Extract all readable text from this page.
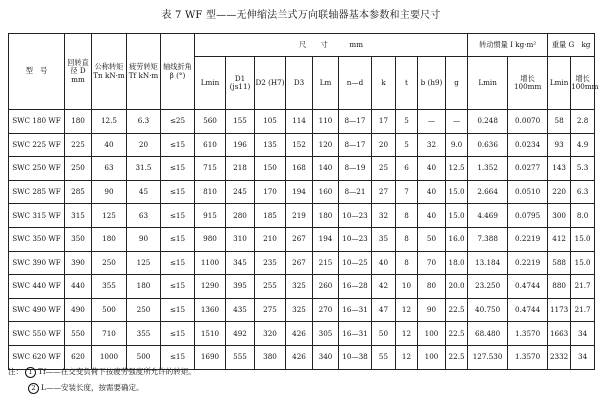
表 7 WF 型——无伸缩法兰式万向联轴器基本参数和主要尺寸
型　号	回转直径 D mm	公称转矩 Tn kN·m	疲劳转矩 Tf kN·m	轴线折角 β (°)	尺　　寸　　　mm										转动惯量 I kg·m²		重量 G　kg	
					Lmin	D1 (js11)	D2 (H7)	D3	Lm	n—d	k	t	b (h9)	g	Lmin	增长 100mm	Lmin	增长 100mm
SWC 180 WF	180	12.5	6.3	≤25	560	155	105	114	110	8—17	17	5	—	—	0.248	0.0070	58	2.8
SWC 225 WF	225	40	20	≤15	610	196	135	152	120	8—17	20	5	32	9.0	0.636	0.0234	93	4.9
SWC 250 WF	250	63	31.5	≤15	715	218	150	168	140	8—19	25	6	40	12.5	1.352	0.0277	143	5.3
SWC 285 WF	285	90	45	≤15	810	245	170	194	160	8—21	27	7	40	15.0	2.664	0.0510	220	6.3
SWC 315 WF	315	125	63	≤15	915	280	185	219	180	10—23	32	8	40	15.0	4.469	0.0795	300	8.0
SWC 350 WF	350	180	90	≤15	980	310	210	267	194	10—23	35	8	50	16.0	7.388	0.2219	412	15.0
SWC 390 WF	390	250	125	≤15	1100	345	235	267	215	10—25	40	8	70	18.0	13.184	0.2219	588	15.0
SWC 440 WF	440	355	180	≤15	1290	395	255	325	260	16—28	42	10	80	20.0	23.250	0.4744	880	21.7
SWC 490 WF	490	500	250	≤15	1360	435	275	325	270	16—31	47	12	90	22.5	40.750	0.4744	1173	21.7
SWC 550 WF	550	710	355	≤15	1510	492	320	426	305	16—31	50	12	100	22.5	68.480	1.3570	1663	34
SWC 620 WF	620	1000	500	≤15	1690	555	380	426	340	10—38	55	12	100	22.5	127.530	1.3570	2332	34
注： 1 Tf——在交变负荷下按疲劳强度所允许的转矩。
2 L——安装长度，按需要确定。
